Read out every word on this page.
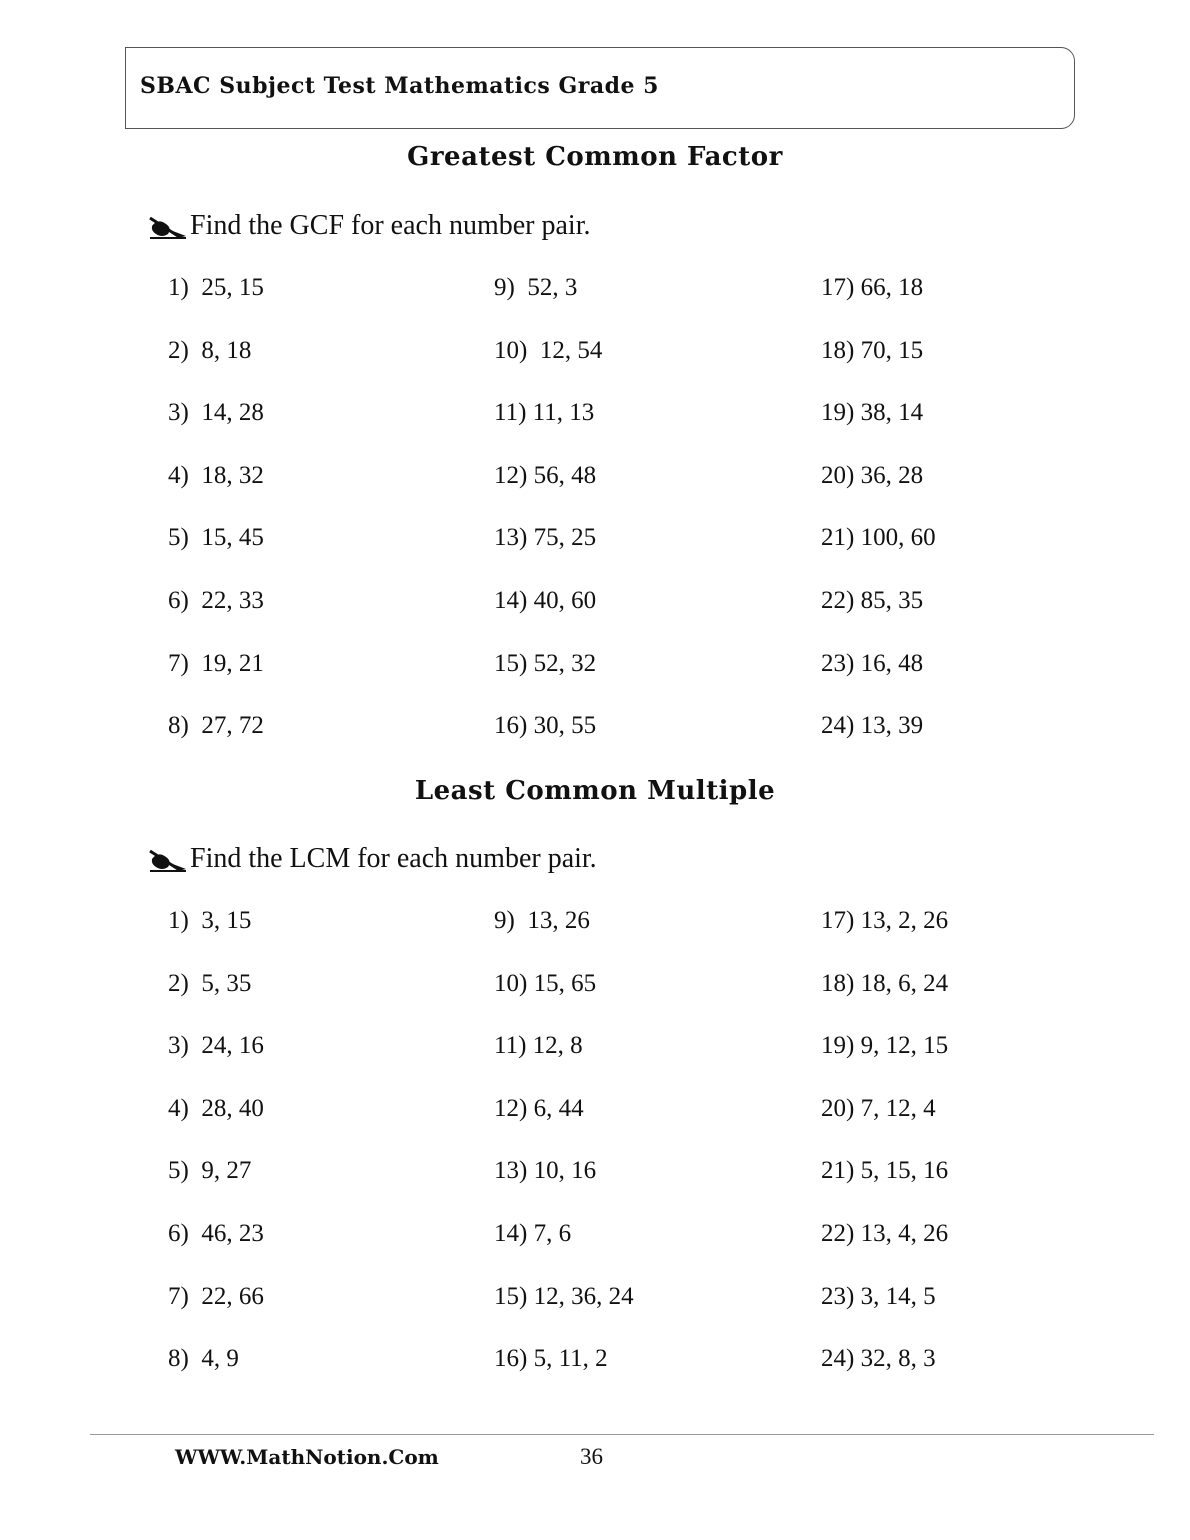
SBAC Subject Test Mathematics Grade 5
Greatest Common Factor
Find the GCF for each number pair.
1)  25, 15
2)  8, 18
3)  14, 28
4)  18, 32
5)  15, 45
6)  22, 33
7)  19, 21
8)  27, 72
9)  52, 3
10)  12, 54
11) 11, 13
12) 56, 48
13) 75, 25
14) 40, 60
15) 52, 32
16) 30, 55
17) 66, 18
18) 70, 15
19) 38, 14
20) 36, 28
21) 100, 60
22) 85, 35
23) 16, 48
24) 13, 39
Least Common Multiple
Find the LCM for each number pair.
1)  3, 15
2)  5, 35
3)  24, 16
4)  28, 40
5)  9, 27
6)  46, 23
7)  22, 66
8)  4, 9
9)  13, 26
10) 15, 65
11) 12, 8
12) 6, 44
13) 10, 16
14) 7, 6
15) 12, 36, 24
16) 5, 11, 2
17) 13, 2, 26
18) 18, 6, 24
19) 9, 12, 15
20) 7, 12, 4
21) 5, 15, 16
22) 13, 4, 26
23) 3, 14, 5
24) 32, 8, 3
WWW.MathNotion.Com	36
